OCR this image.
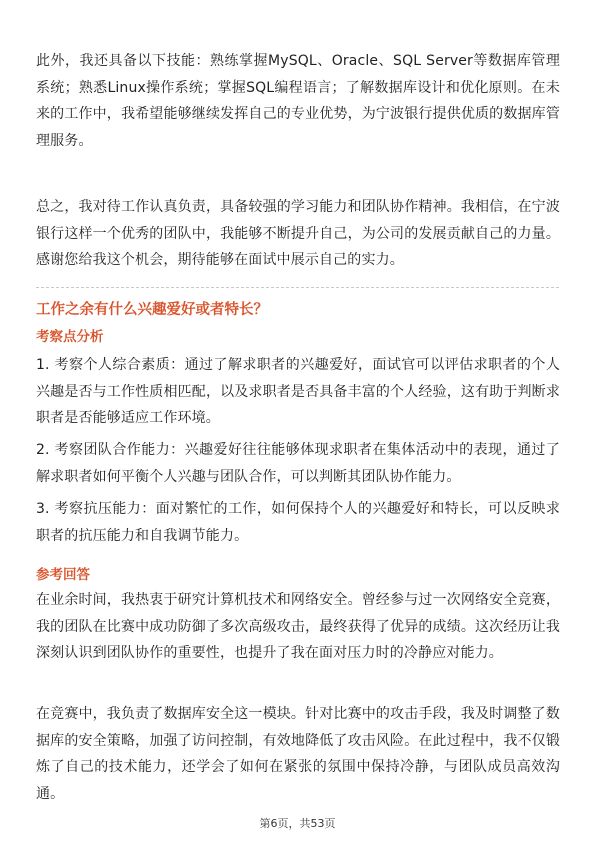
此外，我还具备以下技能：熟练掌握MySQL、Oracle、SQL Server等数据库管理系统；熟悉Linux操作系统；掌握SQL编程语言；了解数据库设计和优化原则。在未来的工作中，我希望能够继续发挥自己的专业优势，为宁波银行提供优质的数据库管理服务。

总之，我对待工作认真负责，具备较强的学习能力和团队协作精神。我相信，在宁波银行这样一个优秀的团队中，我能够不断提升自己，为公司的发展贡献自己的力量。感谢您给我这个机会，期待能够在面试中展示自己的实力。

工作之余有什么兴趣爱好或者特长？
考察点分析

1. 考察个人综合素质：通过了解求职者的兴趣爱好，面试官可以评估求职者的个人兴趣是否与工作性质相匹配，以及求职者是否具备丰富的个人经验，这有助于判断求职者是否能够适应工作环境。

2. 考察团队合作能力：兴趣爱好往往能够体现求职者在集体活动中的表现，通过了解求职者如何平衡个人兴趣与团队合作，可以判断其团队协作能力。

3. 考察抗压能力：面对繁忙的工作，如何保持个人的兴趣爱好和特长，可以反映求职者的抗压能力和自我调节能力。

参考回答

在业余时间，我热衷于研究计算机技术和网络安全。曾经参与过一次网络安全竞赛，我的团队在比赛中成功防御了多次高级攻击，最终获得了优异的成绩。这次经历让我深刻认识到团队协作的重要性，也提升了我在面对压力时的冷静应对能力。

在竞赛中，我负责了数据库安全这一模块。针对比赛中的攻击手段，我及时调整了数据库的安全策略，加强了访问控制，有效地降低了攻击风险。在此过程中，我不仅锻炼了自己的技术能力，还学会了如何在紧张的氛围中保持冷静，与团队成员高效沟通。

第6页，共53页
